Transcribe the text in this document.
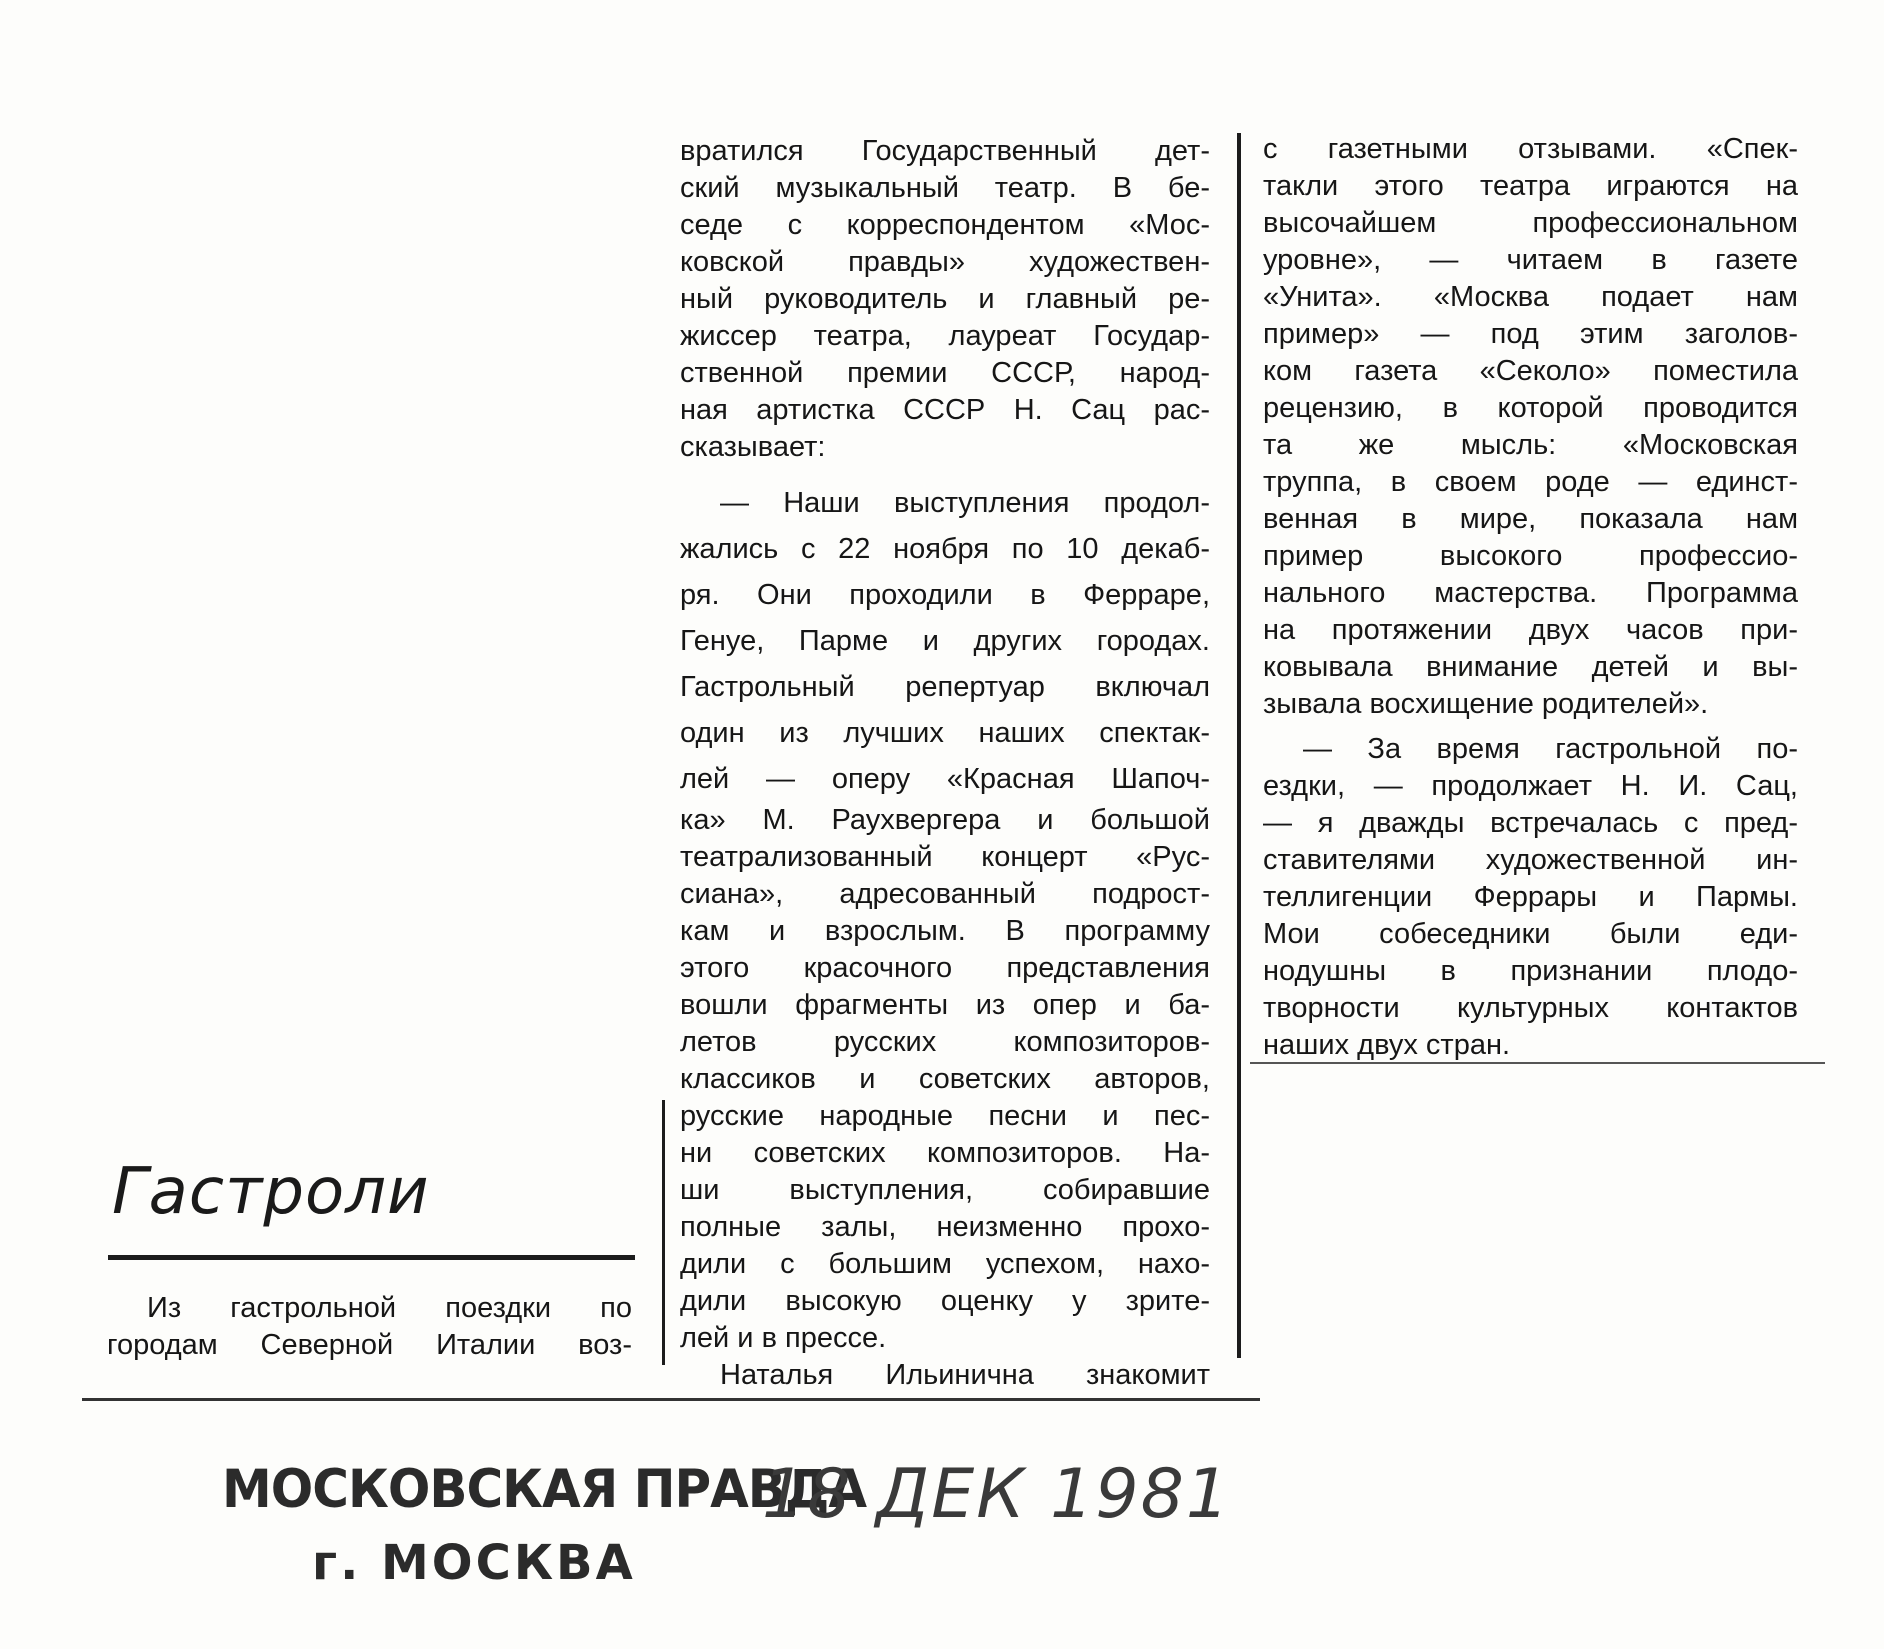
вратился Государственный дет-
ский музыкальный театр. В бе-
седе с корреспондентом «Мос-
ковской правды» художествен-
ный руководитель и главный ре-
жиссер театра, лауреат Государ-
ственной премии СССР, народ-
ная артистка СССР Н. Сац рас-
сказывает:

— Наши выступления продол-
жались с 22 ноября по 10 декаб-
ря. Они проходили в Ферраре,
Генуе, Парме и других городах.
Гастрольный репертуар включал
один из лучших наших спектак-
лей — оперу «Красная Шапоч-

ка» М. Раухвергера и большой
театрализованный концерт «Рус-
сиана», адресованный подрост-
кам и взрослым. В программу
этого красочного представления
вошли фрагменты из опер и ба-
летов русских композиторов-
классиков и советских авторов,
русские народные песни и пес-
ни советских композиторов. На-
ши выступления, собиравшие
полные залы, неизменно прохо-
дили с большим успехом, нахо-
дили высокую оценку у зрите-
лей и в прессе.

Наталья Ильинична знакомит

с газетными отзывами. «Спек-
такли этого театра играются на
высочайшем профессиональном
уровне», — читаем в газете
«Унита». «Москва подает нам
пример» — под этим заголов-
ком газета «Секоло» поместила
рецензию, в которой проводится
та же мысль: «Московская
труппа, в своем роде — единст-
венная в мире, показала нам
пример высокого профессио-
нального мастерства. Программа
на протяжении двух часов при-
ковывала внимание детей и вы-
зывала восхищение родителей».

— За время гастрольной по-
ездки, — продолжает Н. И. Сац,
— я дважды встречалась с пред-
ставителями художественной ин-
теллигенции Феррары и Пармы.
Мои собеседники были еди-
нодушны в признании плодо-
творности культурных контактов
наших двух стран.

Гастроли
Из гастрольной поездки по
городам Северной Италии воз-
МОСКОВСКАЯ ПРАВДА
г. МОСКВА
18 ДЕК 1981
